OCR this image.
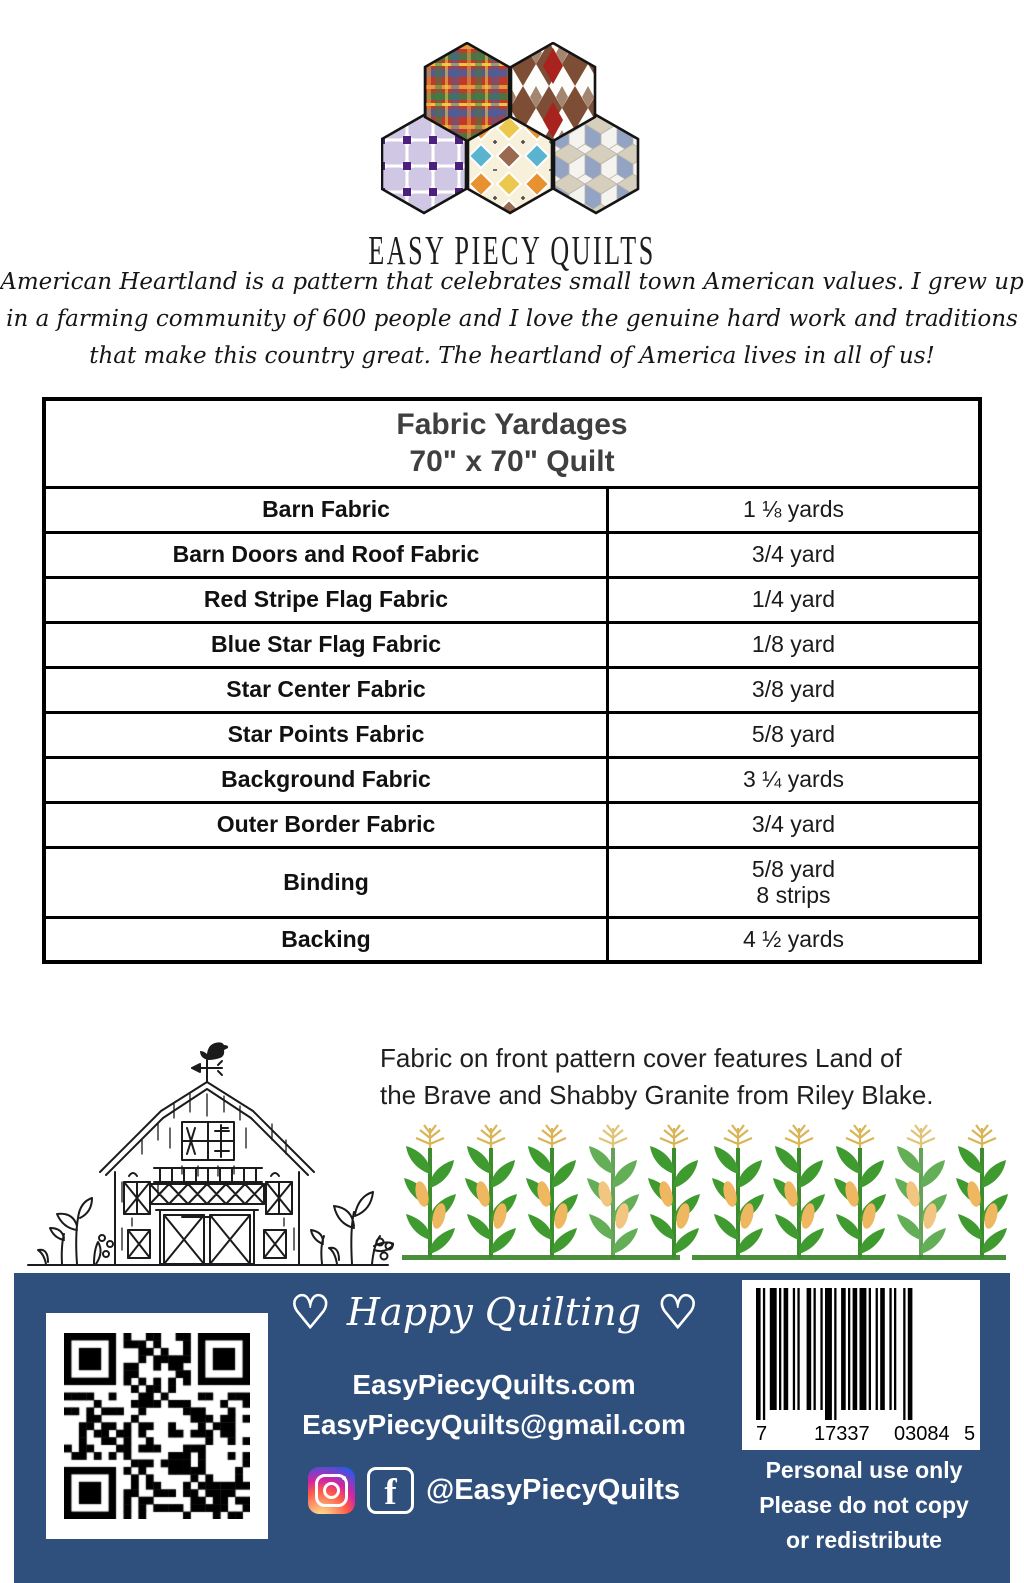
EASY PIECY QUILTS
American Heartland is a pattern that celebrates small town American values. I grew up
in a farming community of 600 people and I love the genuine hard work and traditions
that make this country great. The heartland of America lives in all of us!
Fabric Yardages
70" x 70" Quilt	

Barn Fabric	1 ⅛ yards
Barn Doors and Roof Fabric	3/4 yard
Red Stripe Flag Fabric	1/4 yard
Blue Star Flag Fabric	1/8 yard
Star Center Fabric	3/8 yard
Star Points Fabric	5/8 yard
Background Fabric	3 ¼ yards
Outer Border Fabric	3/4 yard
Binding	5/8 yard
8 strips

Backing	4 ½ yards
Fabric on front pattern cover features Land of
the Brave and Shabby Granite from Riley Blake.
♡ Happy Quilting ♡
EasyPiecyQuilts.com
EasyPiecyQuilts@gmail.com
f @EasyPiecyQuilts
7 17337 03084 5
Personal use only
Please do not copy
or redistribute
